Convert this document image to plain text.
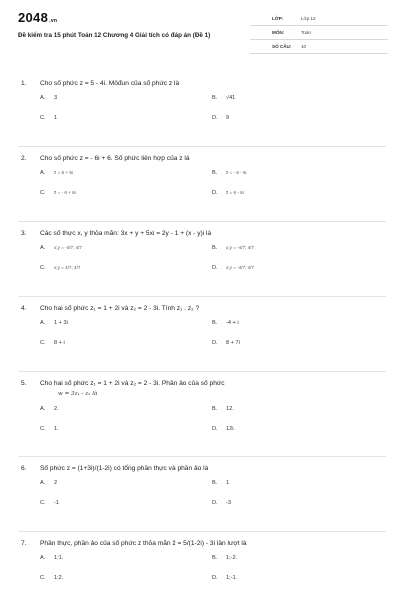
2048.vn
Đề kiểm tra 15 phút Toán 12 Chương 4 Giải tích có đáp án (Đề 1)
LỚP:	Lớp 12
MÔN:	Toán
SỐ CÂU: 10
1. Cho số phức z = 5 - 4i. Môđun của số phức z là
A. 3	B. √41
C. 1	D. 9
2. Cho số phức z = - 6i + 6. Số phức liên hợp của z là
A. z̄ = 6 + 6i	B. z̄ = - 6 - 6i
C. z̄ = - 6 + 6i	D. z̄ = 6 - 6i
3. Các số thực x, y thỏa mãn: 3x + y + 5xi = 2y - 1 + (x - y)i là
A. x;y = -4/7; 4/7	B. x;y = -4/7; 4/7
C. x;y = 4/7; 4/7	D. x;y = -4/7; 4/7
4. Cho hai số phức z₁ = 1 + 2i và z₂ = 2 - 3i. Tính z₁ . z₂ ?
A. 1 + 3i	B. -4 + i
C. 8 + i	D. 8 + 7i
5. Cho hai số phức z₁ = 1 + 2i và z₂ = 2 - 3i. Phần ảo của số phức
w = 3z₁ - z₂ là
A. 2.	B. 12.
C. 1.	D. 12i.
6. Số phức z = (1+3i)/(1-2i) có tổng phần thực và phần ảo là
A. 2	B. 1
C. -1	D. -3
7. Phần thực, phần ảo của số phức z thỏa mãn z̄ = 5/(1-2i) - 3i lần lượt là
A. 1;1.	B. 1;-2.
C. 1;2.	D. 1;-1.
